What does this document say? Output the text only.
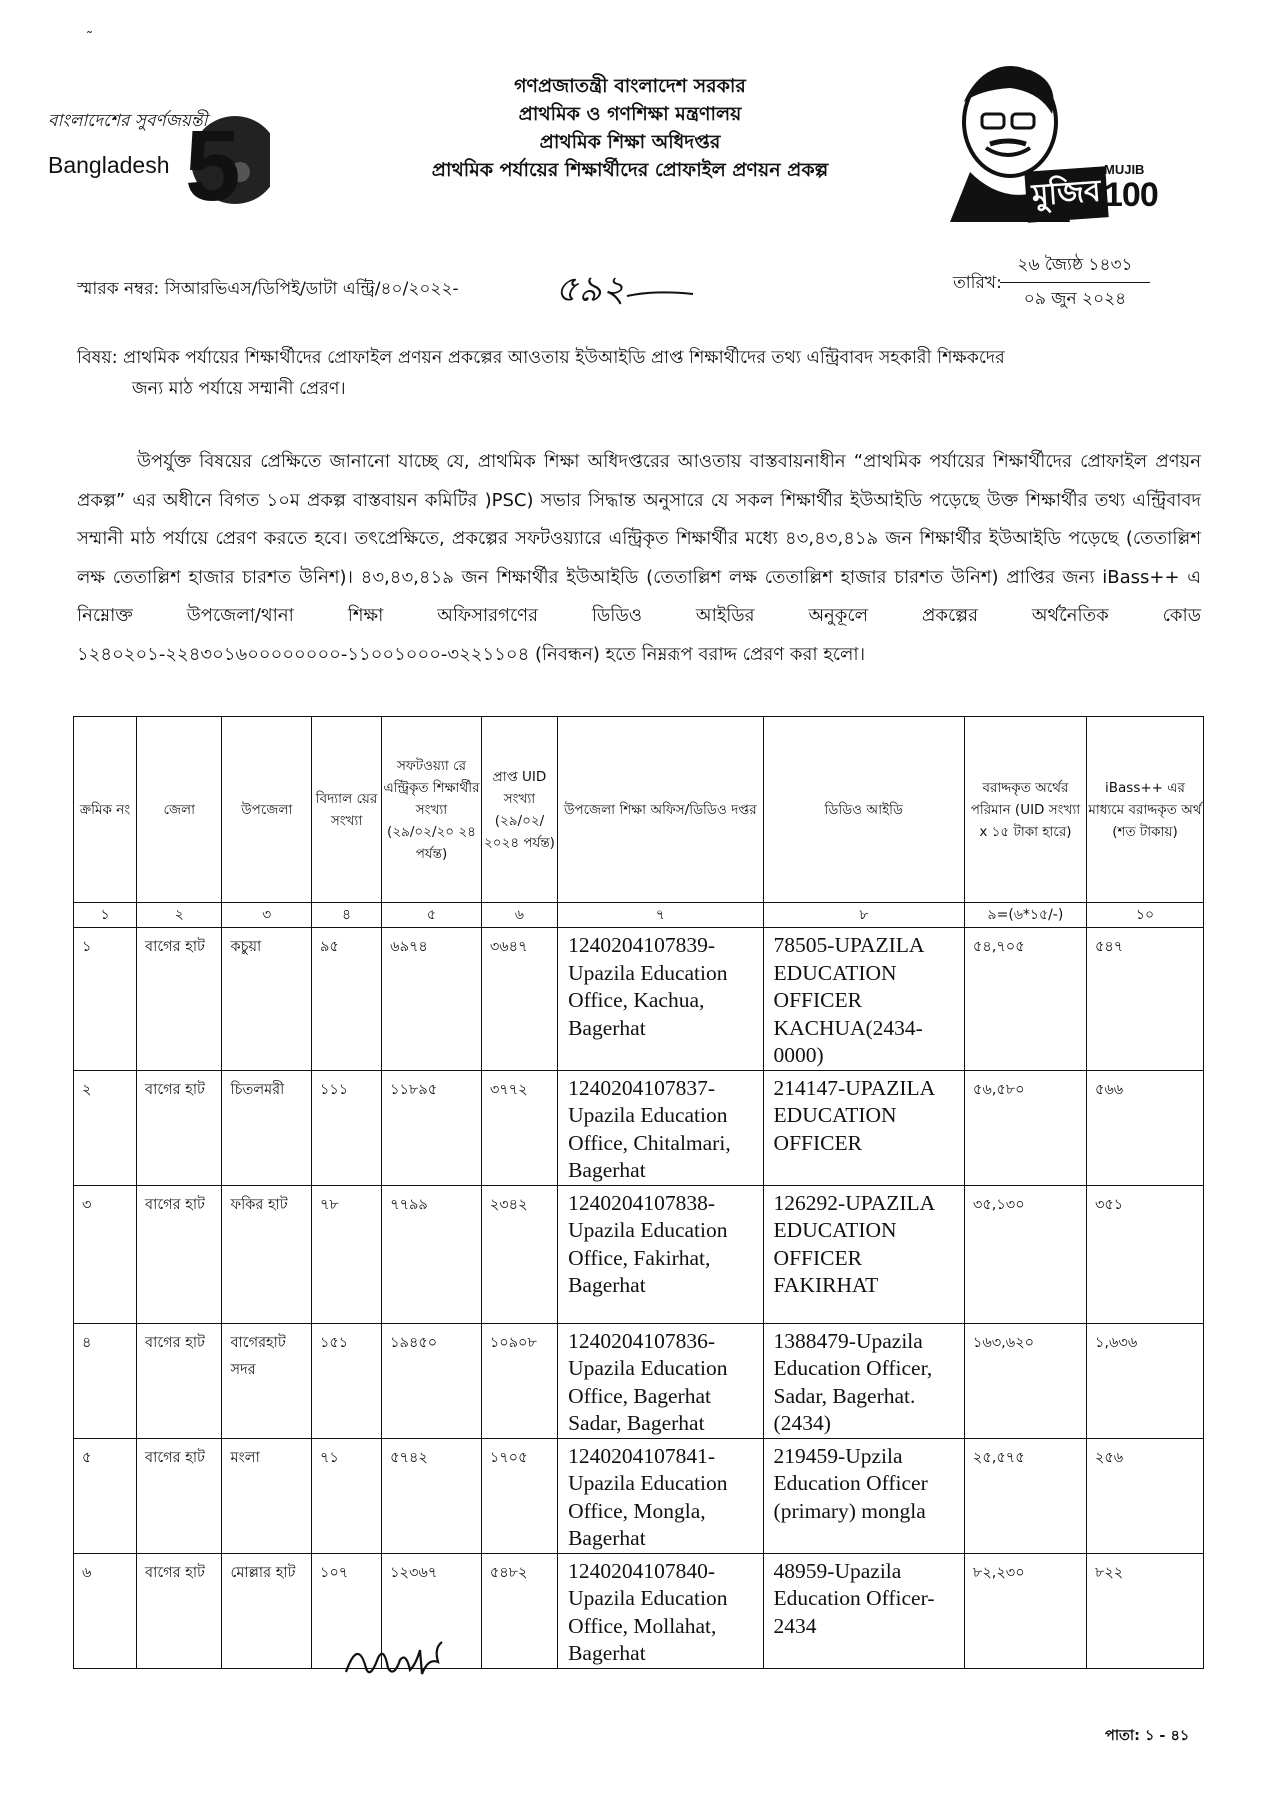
˜
5
বাংলাদেশের সুবর্ণজয়ন্তী
Bangladesh
গণপ্রজাতন্ত্রী বাংলাদেশ সরকার
প্রাথমিক ও গণশিক্ষা মন্ত্রণালয়
প্রাথমিক শিক্ষা অধিদপ্তর
প্রাথমিক পর্যায়ের শিক্ষার্থীদের প্রোফাইল প্রণয়ন প্রকল্প
মুজিব
MUJIB
100
স্মারক নম্বর: সিআরভিএস/ডিপিই/ডাটা এন্ট্রি/৪০/২০২২-	৫৯২	তারিখ:
২৬ জ্যৈষ্ঠ ১৪৩১
০৯ জুন ২০২৪
বিষয়: প্রাথমিক পর্যায়ের শিক্ষার্থীদের প্রোফাইল প্রণয়ন প্রকল্পের আওতায় ইউআইডি প্রাপ্ত শিক্ষার্থীদের তথ্য এন্ট্রিবাবদ সহকারী শিক্ষকদের
জন্য মাঠ পর্যায়ে সম্মানী প্রেরণ।
উপর্যুক্ত বিষয়ের প্রেক্ষিতে জানানো যাচ্ছে যে, প্রাথমিক শিক্ষা অধিদপ্তরের আওতায় বাস্তবায়নাধীন “প্রাথমিক পর্যায়ের শিক্ষার্থীদের প্রোফাইল প্রণয়ন প্রকল্প” এর অধীনে বিগত ১০ম প্রকল্প বাস্তবায়ন কমিটির )PSC) সভার সিদ্ধান্ত অনুসারে যে সকল শিক্ষার্থীর ইউআইডি পড়েছে উক্ত শিক্ষার্থীর তথ্য এন্ট্রিবাবদ সম্মানী মাঠ পর্যায়ে প্রেরণ করতে হবে। তৎপ্রেক্ষিতে, প্রকল্পের সফটওয়্যারে এন্ট্রিকৃত শিক্ষার্থীর মধ্যে ৪৩,৪৩,৪১৯ জন শিক্ষার্থীর ইউআইডি পড়েছে (তেতাল্লিশ লক্ষ তেতাল্লিশ হাজার চারশত উনিশ)। ৪৩,৪৩,৪১৯ জন শিক্ষার্থীর ইউআইডি (তেতাল্লিশ লক্ষ তেতাল্লিশ হাজার চারশত উনিশ) প্রাপ্তির জন্য iBass++ এ নিম্নোক্ত উপজেলা/থানা শিক্ষা অফিসারগণের ডিডিও আইডির অনুকূলে প্রকল্পের অর্থনৈতিক কোড ১২৪০২০১-২২৪৩০১৬০০০০০০০০-১১০০১০০০-৩২২১১০৪ (নিবন্ধন) হতে নিম্নরূপ বরাদ্দ প্রেরণ করা হলো।
ক্রমিক নং	জেলা	উপজেলা	বিদ্যাল য়ের সংখ্যা	সফটওয়্যা রে এন্ট্রিকৃত শিক্ষার্থীর সংখ্যা (২৯/০২/২০ ২৪ পর্যন্ত)	প্রাপ্ত UID সংখ্যা (২৯/০২/ ২০২৪ পর্যন্ত)	উপজেলা শিক্ষা অফিস/ডিডিও দপ্তর	ডিডিও আইডি	বরাদ্দকৃত অর্থের পরিমান (UID সংখ্যা x ১৫ টাকা হারে)	iBass++ এর মাধ্যমে বরাদ্দকৃত অর্থ (শত টাকায়)
১	২	৩	৪	৫	৬	৭	৮	৯=(৬*১৫/-)	১০
১	বাগের হাট	কচুয়া	৯৫	৬৯৭৪	৩৬৪৭	1240204107839-Upazila Education Office, Kachua, Bagerhat	78505-UPAZILA EDUCATION OFFICER KACHUA(2434-0000)	৫৪,৭০৫	৫৪৭
২	বাগের হাট	চিতলমরী	১১১	১১৮৯৫	৩৭৭২	1240204107837-Upazila Education Office, Chitalmari, Bagerhat	214147-UPAZILA EDUCATION OFFICER	৫৬,৫৮০	৫৬৬
৩	বাগের হাট	ফকির হাট	৭৮	৭৭৯৯	২৩৪২	1240204107838-Upazila Education Office, Fakirhat, Bagerhat	126292-UPAZILA EDUCATION OFFICER FAKIRHAT	৩৫,১৩০	৩৫১
৪	বাগের হাট	বাগেরহাট সদর	১৫১	১৯৪৫০	১০৯০৮	1240204107836-Upazila Education Office, Bagerhat Sadar, Bagerhat	1388479-Upazila Education Officer, Sadar, Bagerhat.(2434)	১৬৩,৬২০	১,৬৩৬
৫	বাগের হাট	মংলা	৭১	৫৭৪২	১৭০৫	1240204107841-Upazila Education Office, Mongla, Bagerhat	219459-Upzila Education Officer (primary) mongla	২৫,৫৭৫	২৫৬
৬	বাগের হাট	মোল্লার হাট	১০৭	১২৩৬৭	৫৪৮২	1240204107840-Upazila Education Office, Mollahat, Bagerhat	48959-Upazila Education Officer-2434	৮২,২৩০	৮২২
পাতা: ১ - ৪১
